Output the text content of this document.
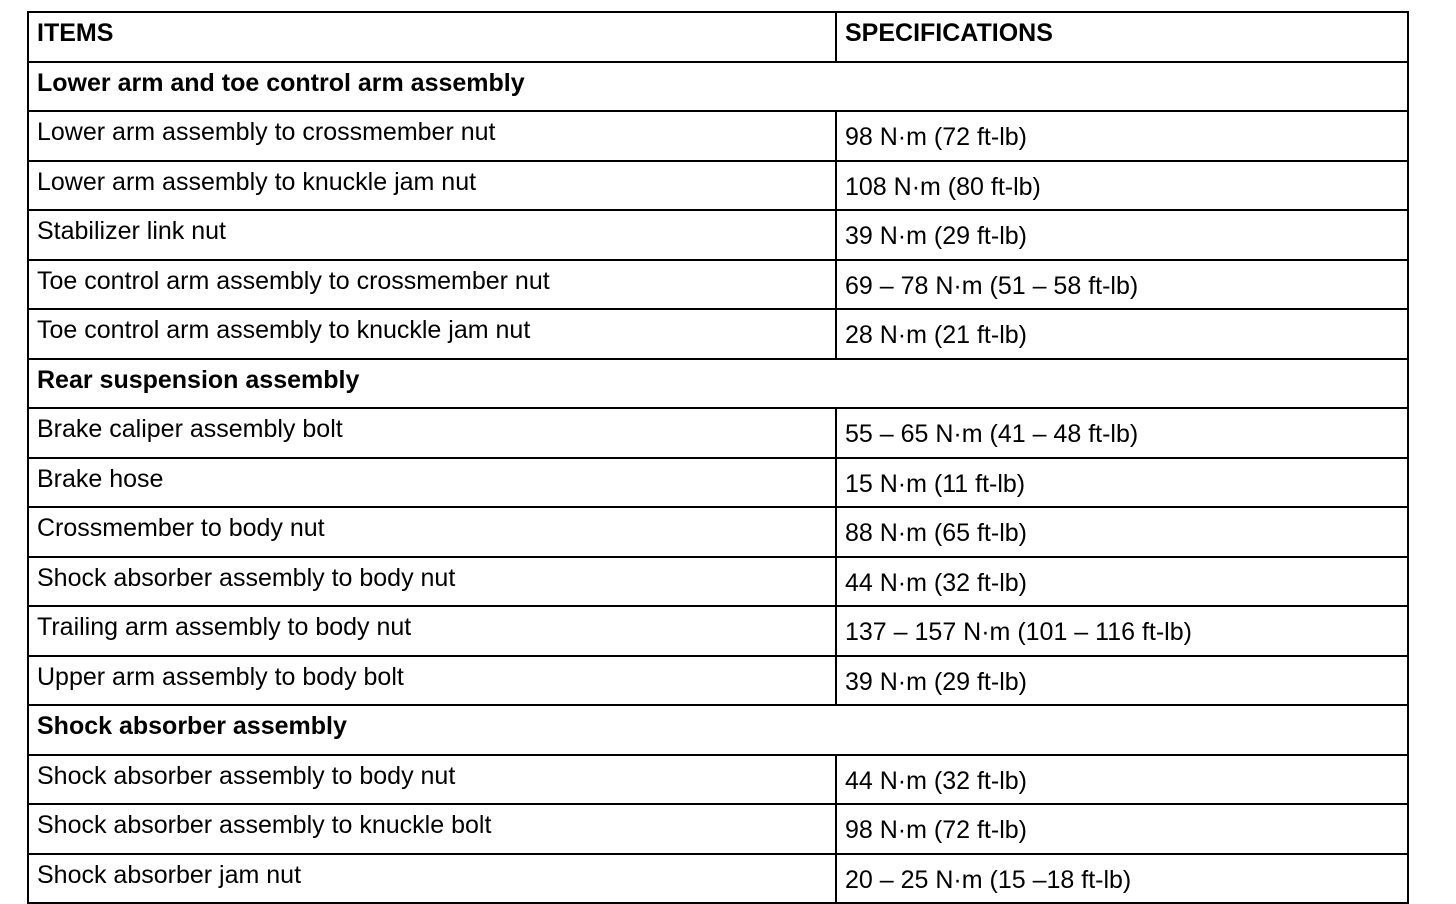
ITEMS	SPECIFICATIONS
Lower arm and toe control arm assembly	
Lower arm assembly to crossmember nut	98 N·m (72 ft-lb)
Lower arm assembly to knuckle jam nut	108 N·m (80 ft-lb)
Stabilizer link nut	39 N·m (29 ft-lb)
Toe control arm assembly to crossmember nut	69 – 78 N·m (51 – 58 ft-lb)
Toe control arm assembly to knuckle jam nut	28 N·m (21 ft-lb)
Rear suspension assembly	
Brake caliper assembly bolt	55 – 65 N·m (41 – 48 ft-lb)
Brake hose	15 N·m (11 ft-lb)
Crossmember to body nut	88 N·m (65 ft-lb)
Shock absorber assembly to body nut	44 N·m (32 ft-lb)
Trailing arm assembly to body nut	137 – 157 N·m (101 – 116 ft-lb)
Upper arm assembly to body bolt	39 N·m (29 ft-lb)
Shock absorber assembly	
Shock absorber assembly to body nut	44 N·m (32 ft-lb)
Shock absorber assembly to knuckle bolt	98 N·m (72 ft-lb)
Shock absorber jam nut	20 – 25 N·m (15 –18 ft-lb)
